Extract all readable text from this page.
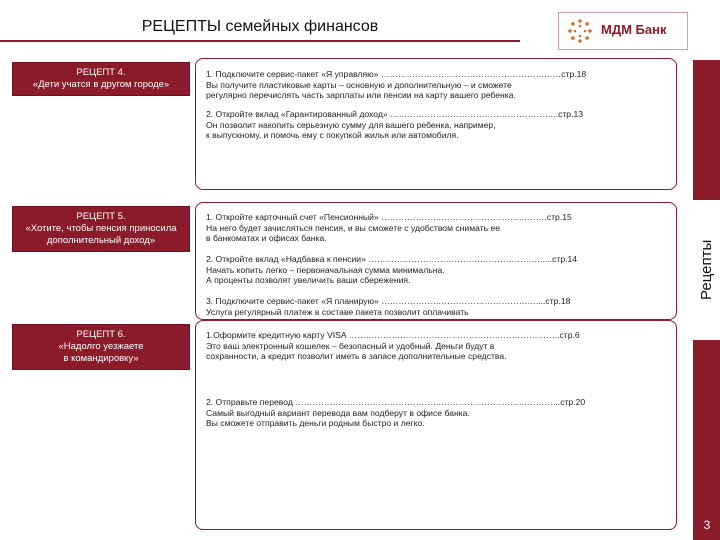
РЕЦЕПТЫ семейных финансов	МДМ Банк
Рецепты
3
РЕЦЕПТ 4.
«Дети учатся в другом городе»
1. Подключите сервис-пакет «Я управляю» ………………………………………………………стр.18
Вы получите пластиковые карты – основную и дополнительную – и сможете
регулярно перечислять часть зарплаты или пенсии на карту вашего ребенка.
2. Откройте вклад «Гарантированный доход» …………………………………………………..стр.13
Он позволит накопить серьезную сумму для вашего ребенка, например,
к выпускному, и помочь ему с покупкой жилья или автомобиля.
РЕЦЕПТ 5.
«Хотите, чтобы пенсия приносила
дополнительный доход»
1. Откройте карточный счет «Пенсионный» ………………………………………………….стр.15
На него будет зачисляться пенсия, и вы сможете с удобством снимать ее
в банкоматах и офисах банка.
2. Откройте вклад «Надбавка к пенсии» …………………………………………………….....стр.14
Начать копить легко – первоначальная сумма минимальна.
А проценты позволят увеличить ваши сбережения.
3. Подключите сервис-пакет «Я планирую» ………………………………………………....стр.18
Услуга регулярный платеж в составе пакета позволит оплачивать
РЕЦЕПТ 6.
«Надолго уезжаете
в командировку»
1.Оформите кредитную карту VISA ………………………………………………………………..стр.6
Это ваш электронный кошелек – безопасный и удобный. Деньги будут в
сохранности, а кредит позволит иметь в запасе дополнительные средства.
2. Отправьте перевод ………………………………………………………………………………...стр.20
Самый выгодный вариант перевода вам подберут в офисе банка.
Вы сможете отправить деньги родным быстро и легко.
